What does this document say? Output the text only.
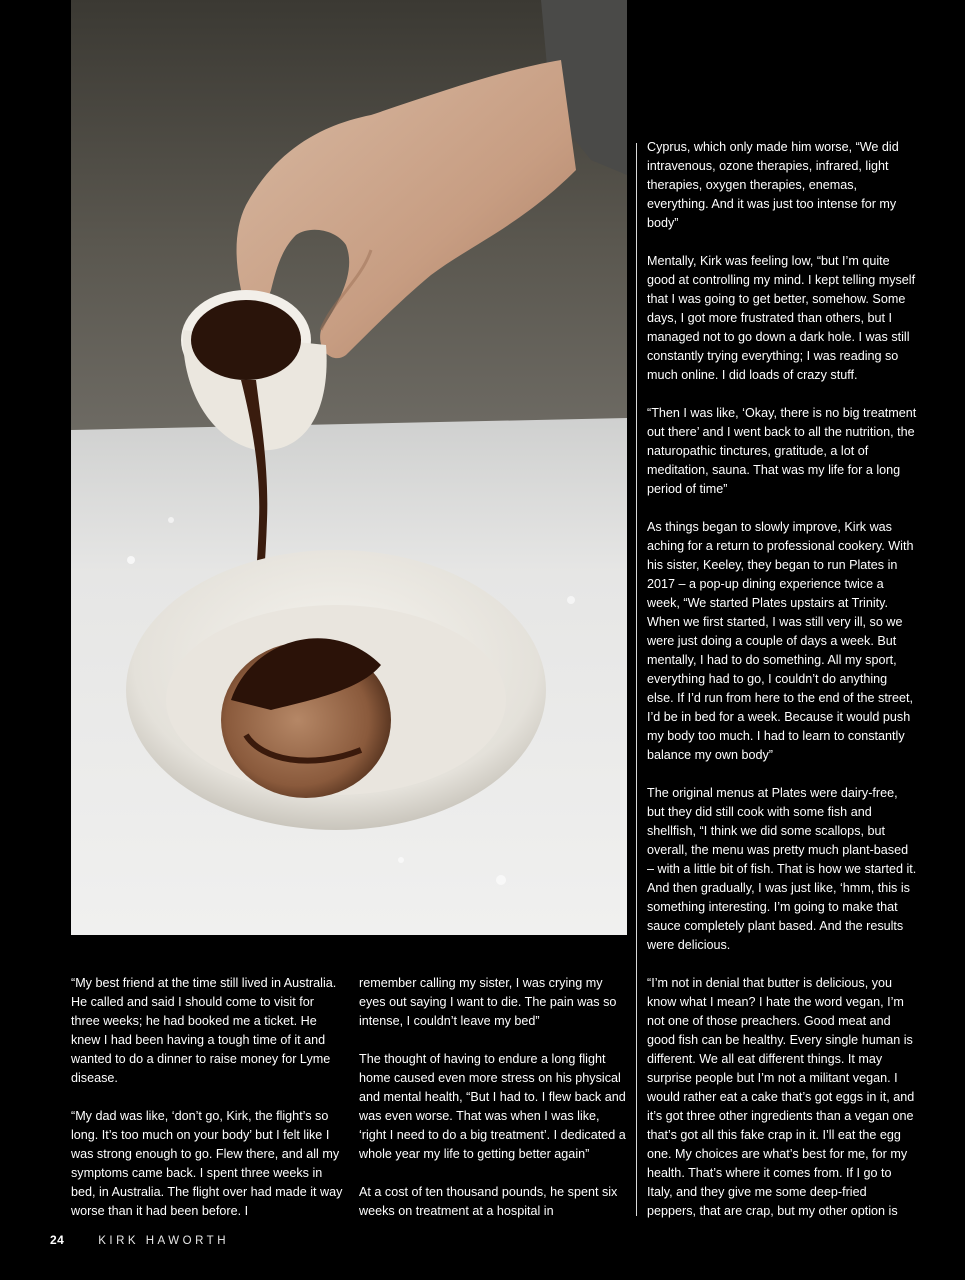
Cyprus, which only made him worse, “We did intravenous, ozone therapies, infrared, light therapies, oxygen therapies, enemas, everything. And it was just too intense for my body”

Mentally, Kirk was feeling low, “but I’m quite good at controlling my mind. I kept telling myself that I was going to get better, somehow. Some days, I got more frustrated than others, but I managed not to go down a dark hole. I was still constantly trying everything; I was reading so much online. I did loads of crazy stuff.

“Then I was like, ‘Okay, there is no big treatment out there’ and I went back to all the nutrition, the naturopathic tinctures, gratitude, a lot of meditation, sauna. That was my life for a long period of time”

As things began to slowly improve, Kirk was aching for a return to professional cookery. With his sister, Keeley, they began to run Plates in 2017 – a pop-up dining experience twice a week, “We started Plates upstairs at Trinity. When we first started, I was still very ill, so we were just doing a couple of days a week. But mentally, I had to do something. All my sport, everything had to go, I couldn’t do anything else. If I’d run from here to the end of the street, I’d be in bed for a week. Because it would push my body too much. I had to learn to constantly balance my own body”

The original menus at Plates were dairy-free, but they did still cook with some fish and shellfish, “I think we did some scallops, but overall, the menu was pretty much plant-based – with a little bit of fish. That is how we started it. And then gradually, I was just like, ‘hmm, this is something interesting. I’m going to make that sauce completely plant based. And the results were delicious.

“I’m not in denial that butter is delicious, you know what I mean? I hate the word vegan, I’m not one of those preachers. Good meat and good fish can be healthy. Every single human is different. We all eat different things. It may surprise people but I’m not a militant vegan. I would rather eat a cake that’s got eggs in it, and it’s got three other ingredients than a vegan one that’s got all this fake crap in it. I’ll eat the egg one. My choices are what’s best for me, for my health. That’s where it comes from. If I go to Italy, and they give me some deep-fried peppers, that are crap, but my other option is

“My best friend at the time still lived in Australia. He called and said I should come to visit for three weeks; he had booked me a ticket. He knew I had been having a tough time of it and wanted to do a dinner to raise money for Lyme disease.

“My dad was like, ‘don’t go, Kirk, the flight’s so long. It’s too much on your body’ but I felt like I was strong enough to go. Flew there, and all my symptoms came back. I spent three weeks in bed, in Australia. The flight over had made it way worse than it had been before. I

remember calling my sister, I was crying my eyes out saying I want to die. The pain was so intense, I couldn’t leave my bed”

The thought of having to endure a long flight home caused even more stress on his physical and mental health, “But I had to. I flew back and was even worse. That was when I was like, ‘right I need to do a big treatment’. I dedicated a whole year my life to getting better again”

At a cost of ten thousand pounds, he spent six weeks on treatment at a hospital in

24	KIRK HAWORTH
